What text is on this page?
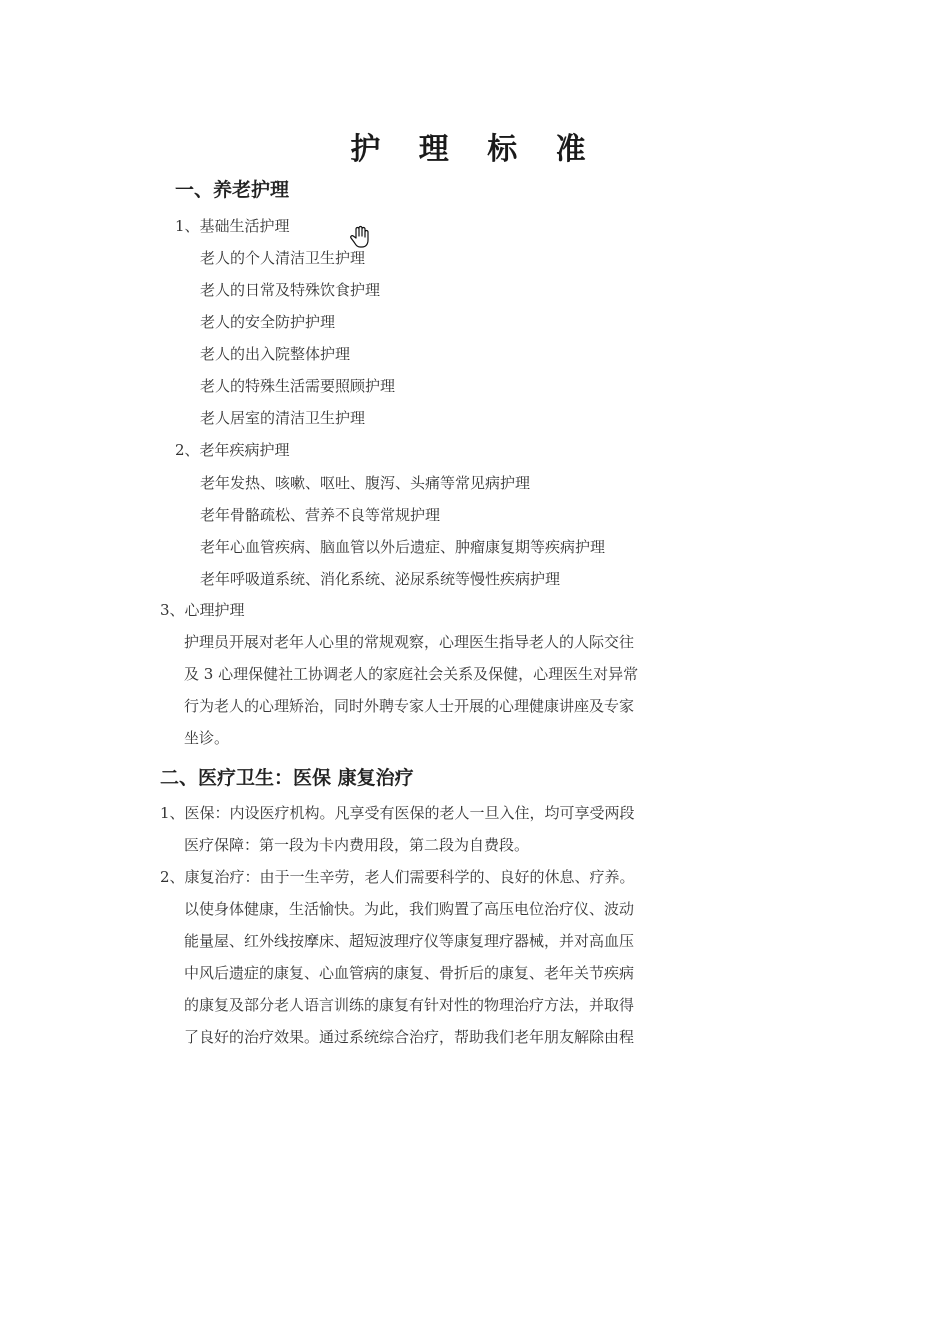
护 理 标 准
一、养老护理
1、基础生活护理
老人的个人清洁卫生护理
老人的日常及特殊饮食护理
老人的安全防护护理
老人的出入院整体护理
老人的特殊生活需要照顾护理
老人居室的清洁卫生护理
2、老年疾病护理
老年发热、咳嗽、呕吐、腹泻、头痛等常见病护理
老年骨骼疏松、营养不良等常规护理
老年心血管疾病、脑血管以外后遗症、肿瘤康复期等疾病护理
老年呼吸道系统、消化系统、泌尿系统等慢性疾病护理
3、心理护理
护理员开展对老年人心里的常规观察，心理医生指导老人的人际交往
及 3 心理保健社工协调老人的家庭社会关系及保健，心理医生对异常
行为老人的心理矫治，同时外聘专家人士开展的心理健康讲座及专家
坐诊。
二、医疗卫生：医保 康复治疗
1、医保：内设医疗机构。凡享受有医保的老人一旦入住，均可享受两段
医疗保障：第一段为卡内费用段，第二段为自费段。
2、康复治疗：由于一生辛劳，老人们需要科学的、良好的休息、疗养。
以使身体健康，生活愉快。为此，我们购置了高压电位治疗仪、波动
能量屋、红外线按摩床、超短波理疗仪等康复理疗器械，并对高血压
中风后遗症的康复、心血管病的康复、骨折后的康复、老年关节疾病
的康复及部分老人语言训练的康复有针对性的物理治疗方法，并取得
了良好的治疗效果。通过系统综合治疗，帮助我们老年朋友解除由程
